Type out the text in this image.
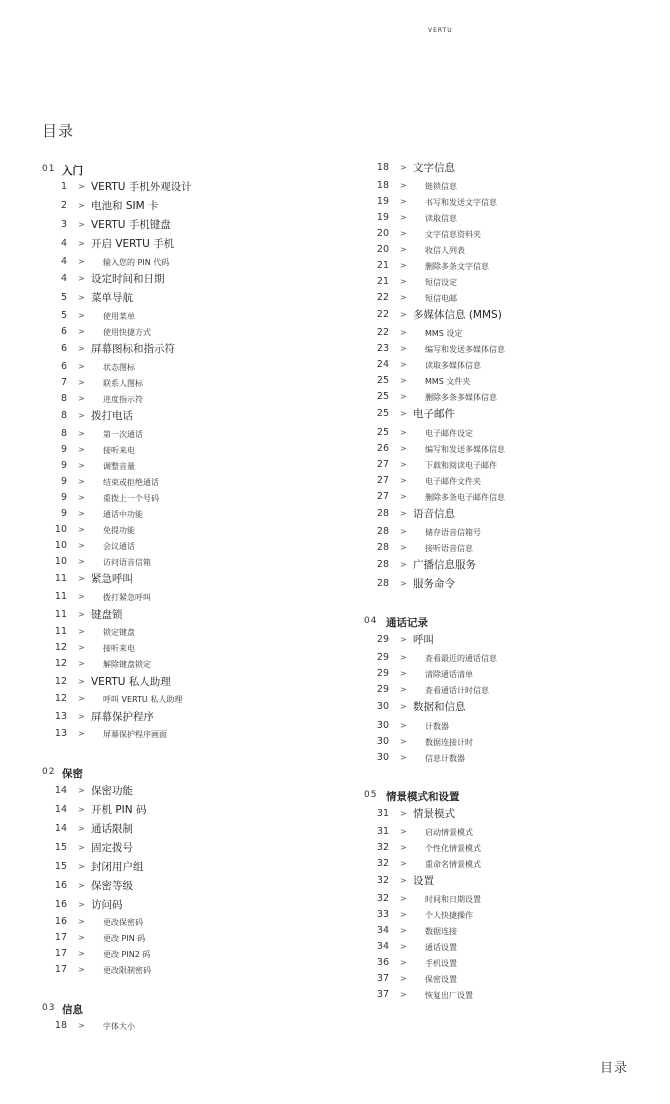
VERTU
目录
01 入门
1 > VERTU 手机外观设计
2 > 电池和 SIM 卡
3 > VERTU 手机键盘
4 > 开启 VERTU 手机
4 > 输入您的 PIN 代码
4 > 设定时间和日期
5 > 菜单导航
5 > 使用菜单
6 > 使用快捷方式
6 > 屏幕图标和指示符
6 > 状态图标
7 > 联系人图标
8 > 进度指示符
8 > 拨打电话
8 > 第一次通话
9 > 接听来电
9 > 调整音量
9 > 结束或拒绝通话
9 > 重拨上一个号码
9 > 通话中功能
10 > 免提功能
10 > 会议通话
10 > 访问语音信箱
11 > 紧急呼叫
11 > 拨打紧急呼叫
11 > 键盘锁
11 > 锁定键盘
12 > 接听来电
12 > 解除键盘锁定
12 > VERTU 私人助理
12 > 呼叫 VERTU 私人助理
13 > 屏幕保护程序
13 > 屏幕保护程序画面
02 保密
14 > 保密功能
14 > 开机 PIN 码
14 > 通话限制
15 > 固定拨号
15 > 封闭用户组
16 > 保密等级
16 > 访问码
16 > 更改保密码
17 > 更改 PIN 码
17 > 更改 PIN2 码
17 > 更改限制密码
03 信息
18 > 字体大小
18 > 文字信息
18 > 链锁信息
19 > 书写和发送文字信息
19 > 读取信息
20 > 文字信息资料夹
20 > 收信人列表
21 > 删除多条文字信息
21 > 短信设定
22 > 短信电邮
22 > 多媒体信息 (MMS)
22 > MMS 设定
23 > 编写和发送多媒体信息
24 > 读取多媒体信息
25 > MMS 文件夹
25 > 删除多条多媒体信息
25 > 电子邮件
25 > 电子邮件设定
26 > 编写和发送多媒体信息
27 > 下载和阅读电子邮件
27 > 电子邮件文件夹
27 > 删除多条电子邮件信息
28 > 语音信息
28 > 储存语音信箱号
28 > 接听语音信息
28 > 广播信息服务
28 > 服务命令
04 通话记录
29 > 呼叫
29 > 查看最近的通话信息
29 > 清除通话清单
29 > 查看通话计时信息
30 > 数据和信息
30 > 计数器
30 > 数据连接计时
30 > 信息计数器
05 情景模式和设置
31 > 情景模式
31 > 启动情景模式
32 > 个性化情景模式
32 > 重命名情景模式
32 > 设置
32 > 时间和日期设置
33 > 个人快捷操作
34 > 数据连接
34 > 通话设置
36 > 手机设置
37 > 保密设置
37 > 恢复出厂设置
目录
